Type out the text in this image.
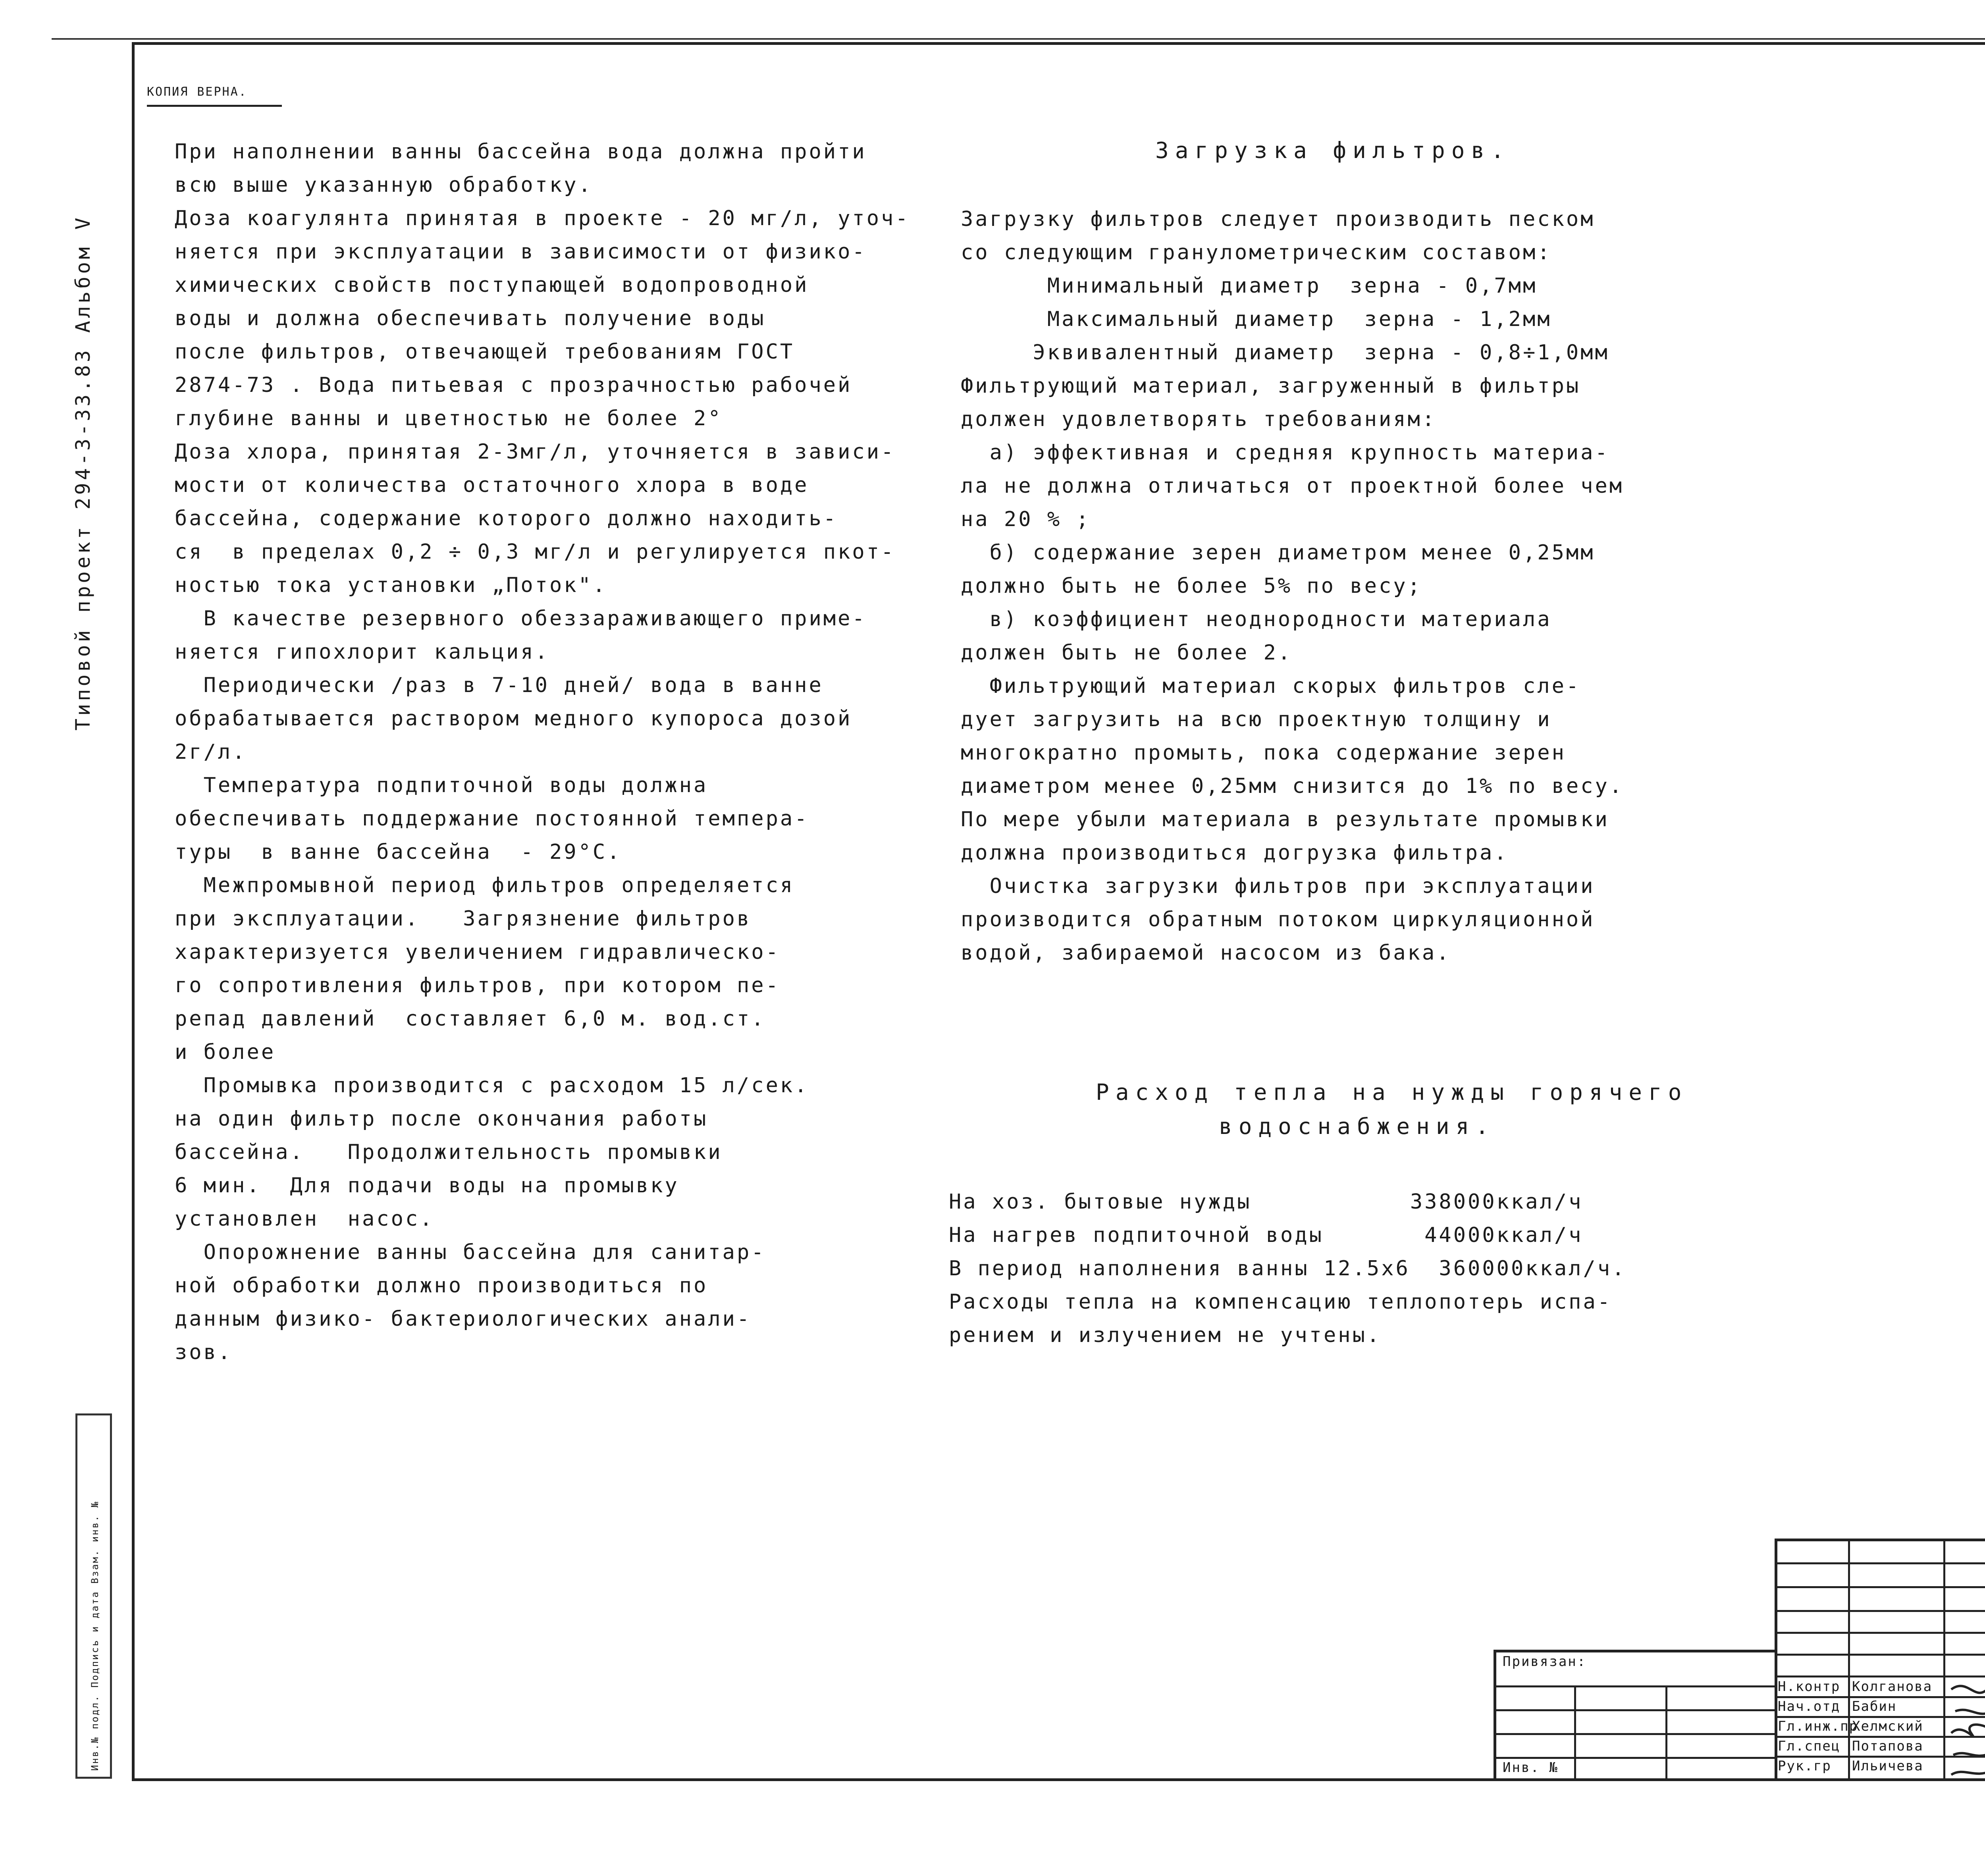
КОПИЯ ВЕРНА.
Типовой проект 294-3-33.83 Альбом V
Инв.№ подл. Подпись и дата Взам. инв. №

При наполнении ванны бассейна вода должна пройти

всю выше указанную обработку.

Доза коагулянта принятая в проекте - 20 мг/л, уточ-

няется при эксплуатации в зависимости от физико-

химических свойств поступающей водопроводной

воды и должна обеспечивать получение воды

после фильтров, отвечающей требованиям ГОСТ

2874-73 . Вода питьевая с прозрачностью рабочей

глубине ванны и цветностью не более 2°

Доза хлора, принятая 2-3мг/л, уточняется в зависи-

мости от количества остаточного хлора в воде

бассейна, содержание которого должно находить-

ся  в пределах 0,2 ÷ 0,3 мг/л и регулируется пкот-

ностью тока установки „Поток".

В качестве резервного обеззараживающего приме-

няется гипохлорит кальция.

Периодически /раз в 7-10 дней/ вода в ванне

обрабатывается раствором медного купороса дозой

2г/л.

Температура подпиточной воды должна

обеспечивать поддержание постоянной темпера-

туры  в ванне бассейна  - 29°С.

Межпромывной период фильтров определяется

при эксплуатации.   Загрязнение фильтров

характеризуется увеличением гидравлическо-

го сопротивления фильтров, при котором пе-

репад давлений  составляет 6,0 м. вод.ст.

и более

Промывка производится с расходом 15 л/сек.

на один фильтр после окончания работы

бассейна.   Продолжительность промывки

6 мин.  Для подачи воды на промывку

установлен  насос.

Опорожнение ванны бассейна для санитар-

ной обработки должно производиться по

данным физико- бактериологических анали-

зов.

Загрузка фильтров.

Загрузку фильтров следует производить песком

со следующим гранулометрическим составом:

Минимальный диаметр  зерна - 0,7мм

Максимальный диаметр  зерна - 1,2мм

Эквивалентный диаметр  зерна - 0,8÷1,0мм

Фильтрующий материал, загруженный в фильтры

должен удовлетворять требованиям:

а) эффективная и средняя крупность материа-

ла не должна отличаться от проектной более чем

на 20 % ;

б) содержание зерен диаметром менее 0,25мм

должно быть не более 5% по весу;

в) коэффициент неоднородности материала

должен быть не более 2.

Фильтрующий материал скорых фильтров сле-

дует загрузить на всю проектную толщину и

многократно промыть, пока содержание зерен

диаметром менее 0,25мм снизится до 1% по весу.

По мере убыли материала в результате промывки

должна производиться догрузка фильтра.

Очистка загрузки фильтров при эксплуатации

производится обратным потоком циркуляционной

водой, забираемой насосом из бака.

Расход тепла на нужды горячего
водоснабжения.

На хоз. бытовые нужды           338000ккал/ч

На нагрев подпиточной воды       44000ккал/ч

В период наполнения ванны 12.5х6  360000ккал/ч.

Расходы тепла на компенсацию теплопотерь испа-

рением и излучением не учтены.

Привязан:
Инв. №
Н.контр Колганова
Нач.отд Бабин
Гл.инж.пр
Хелмский
Гл.спец Потапова
Рук.гр Ильичева
